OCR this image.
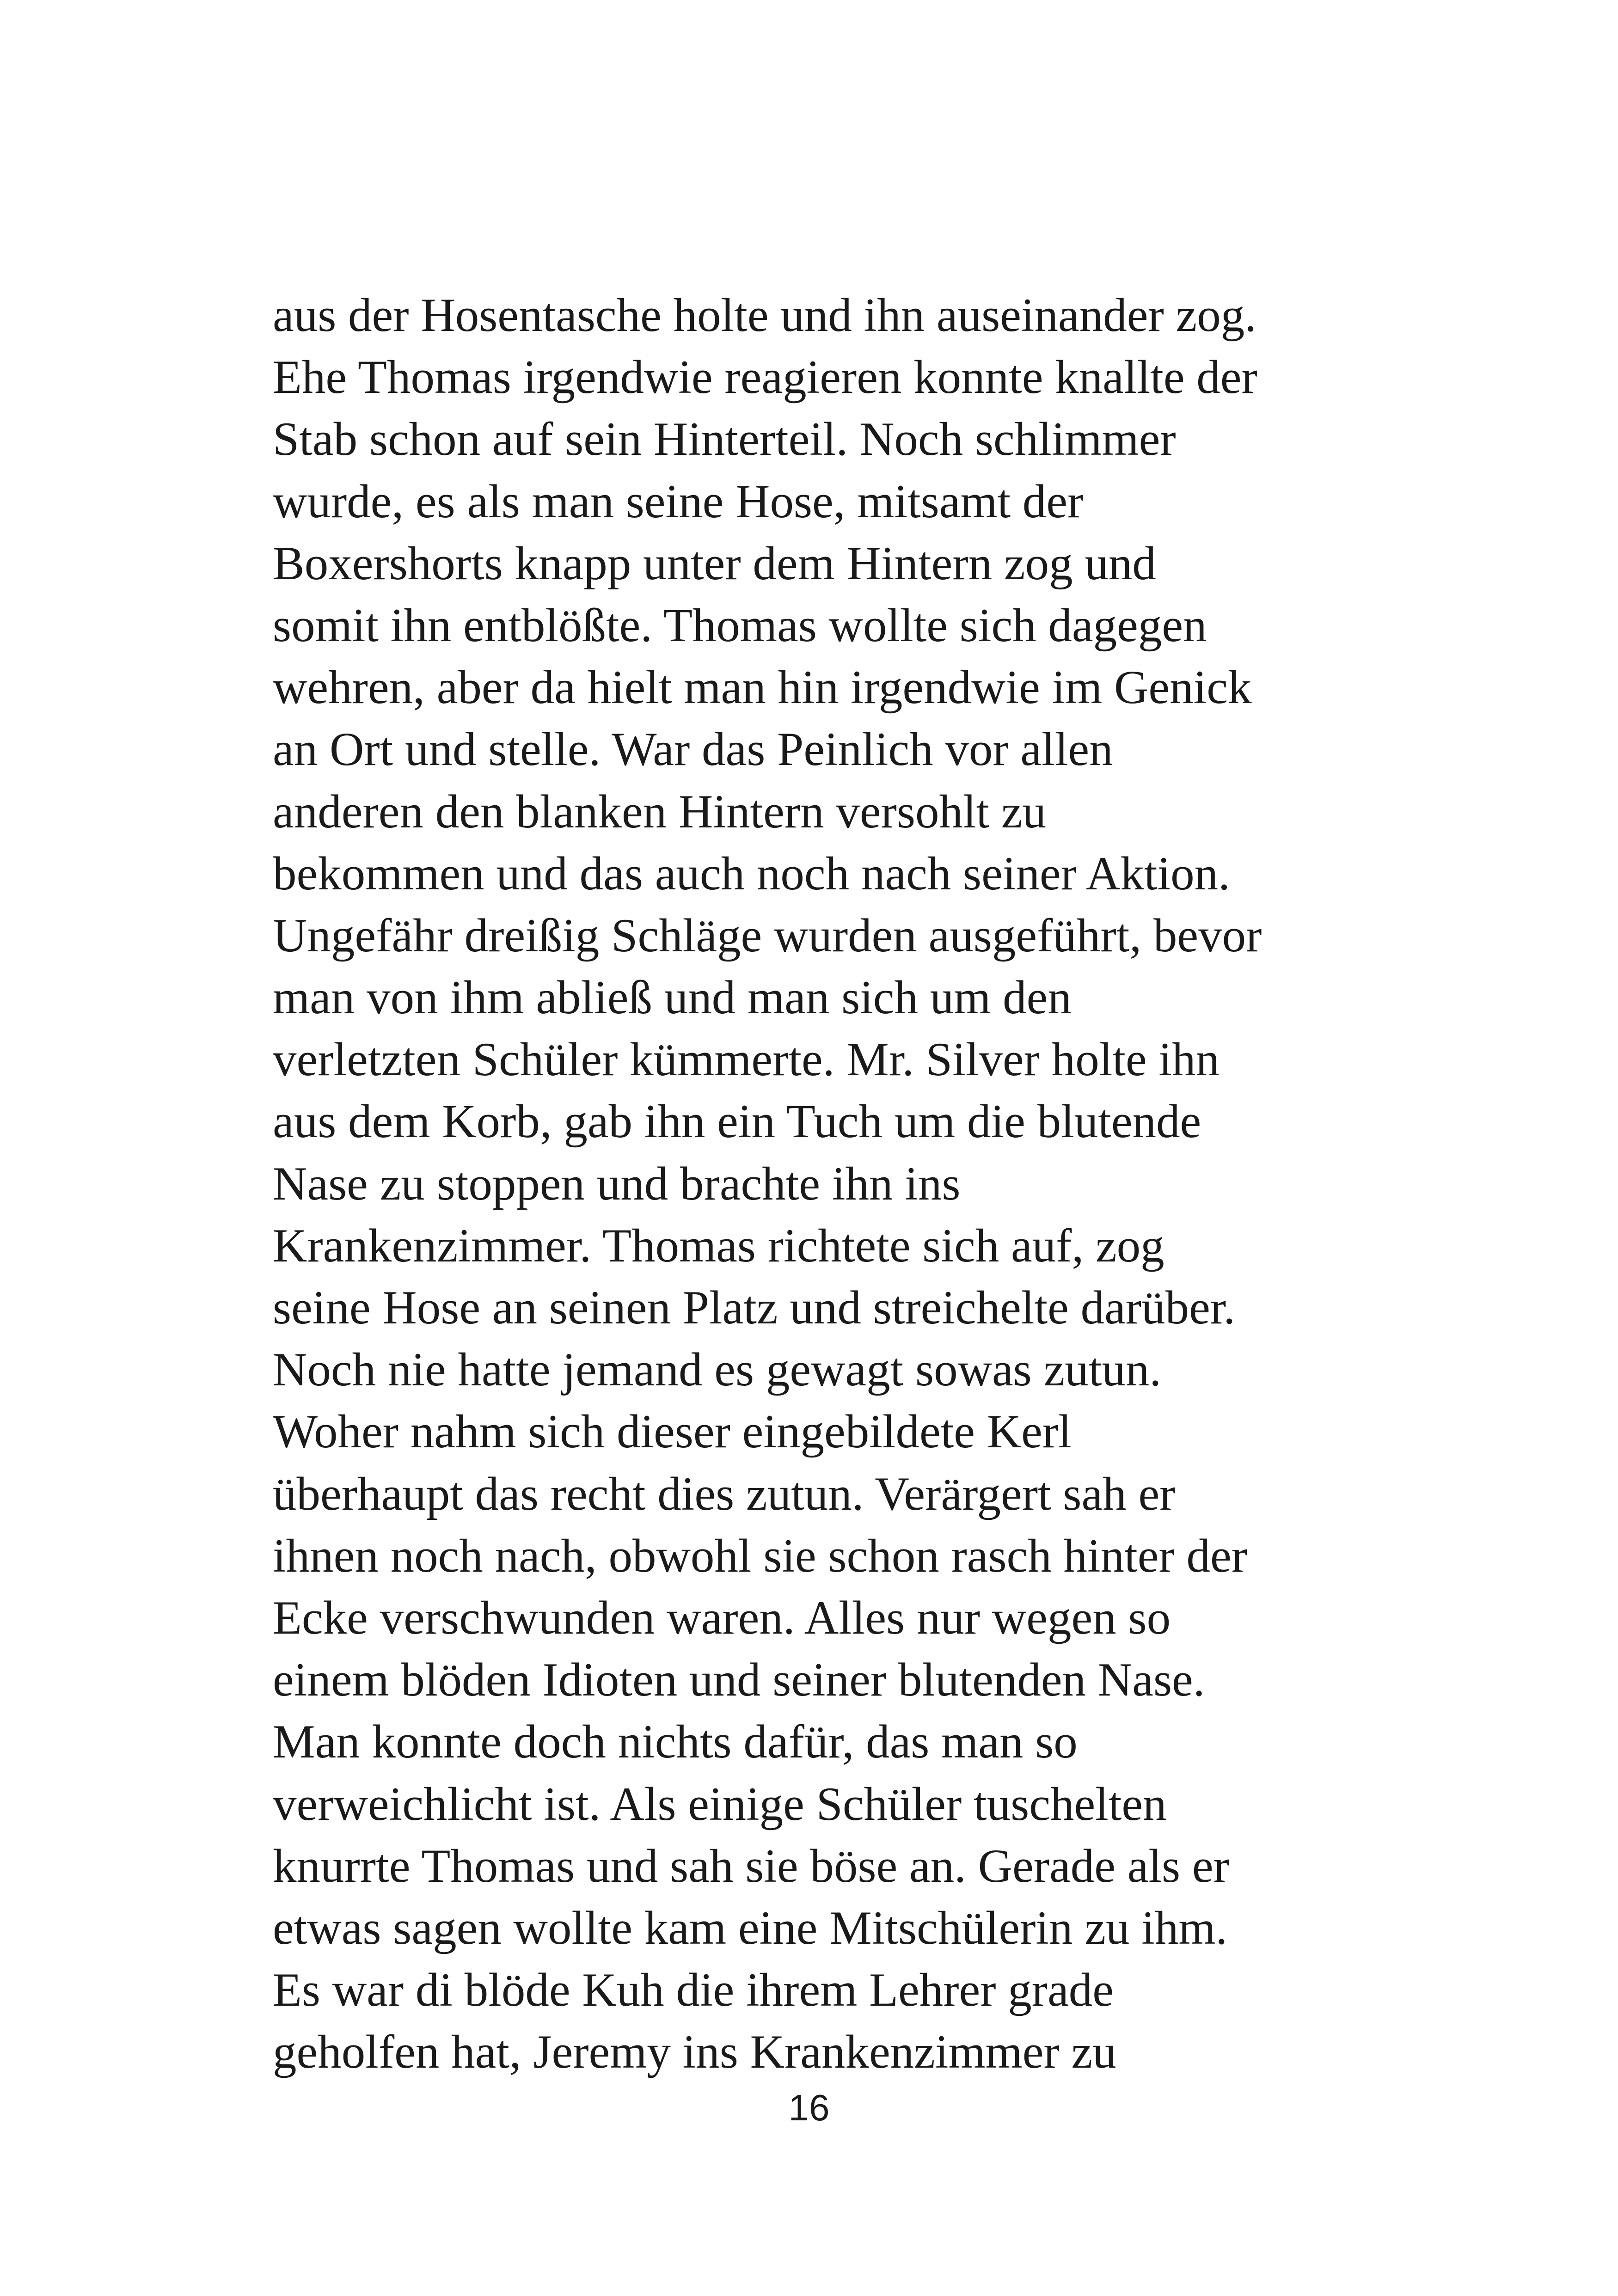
aus der Hosentasche holte und ihn auseinander zog.
Ehe Thomas irgendwie reagieren konnte knallte der
Stab schon auf sein Hinterteil. Noch schlimmer
wurde, es als man seine Hose, mitsamt der
Boxershorts knapp unter dem Hintern zog und
somit ihn entblößte. Thomas wollte sich dagegen
wehren, aber da hielt man hin irgendwie im Genick
an Ort und stelle. War das Peinlich vor allen
anderen den blanken Hintern versohlt zu
bekommen und das auch noch nach seiner Aktion.
Ungefähr dreißig Schläge wurden ausgeführt, bevor
man von ihm abließ und man sich um den
verletzten Schüler kümmerte. Mr. Silver holte ihn
aus dem Korb, gab ihn ein Tuch um die blutende
Nase zu stoppen und brachte ihn ins
Krankenzimmer. Thomas richtete sich auf, zog
seine Hose an seinen Platz und streichelte darüber.
Noch nie hatte jemand es gewagt sowas zutun.
Woher nahm sich dieser eingebildete Kerl
überhaupt das recht dies zutun. Verärgert sah er
ihnen noch nach, obwohl sie schon rasch hinter der
Ecke verschwunden waren. Alles nur wegen so
einem blöden Idioten und seiner blutenden Nase.
Man konnte doch nichts dafür, das man so
verweichlicht ist. Als einige Schüler tuschelten
knurrte Thomas und sah sie böse an. Gerade als er
etwas sagen wollte kam eine Mitschülerin zu ihm.
Es war di blöde Kuh die ihrem Lehrer grade
geholfen hat, Jeremy ins Krankenzimmer zu
16
